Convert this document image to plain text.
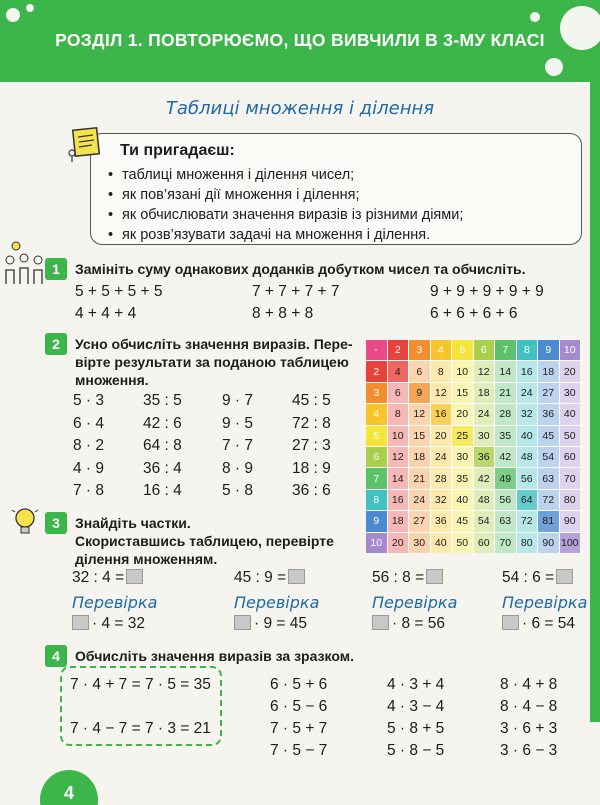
РОЗДІЛ 1. ПОВТОРЮЄМО, ЩО ВИВЧИЛИ В 3-МУ КЛАСІ
Таблиці множення і ділення
Ти пригадаєш:
• таблиці множення і ділення чисел;
• як пов’язані дії множення і ділення;
• як обчислювати значення виразів із різними діями;
• як розв’язувати задачі на множення і ділення.
1	Замініть суму однакових доданків добутком чисел та обчисліть.
5 + 5 + 5 + 5	7 + 7 + 7 + 7	9 + 9 + 9 + 9 + 9
4 + 4 + 4	8 + 8 + 8	6 + 6 + 6 + 6
2	Усно обчисліть значення виразів. Пере-
вірте результати за поданою таблицею
множення.
5 · 3	35 : 5	9 · 7	45 : 5
6 · 4	42 : 6	9 · 5	72 : 8
8 · 2	64 : 8	7 · 7	27 : 3
4 · 9	36 : 4	8 · 9	18 : 9
7 · 8	16 : 4	5 · 8	36 : 6
·	2	3	4	5	6	7	8	9	10
2	4	6	8	10 12 14 16 18 20
3	6	9	12 15 18 21 24 27 30
4	8	12 16 20 24 28 32 36 40
5	10 15 20 25 30 35 40 45 50
6	12 18 24 30 36 42 48 54 60
7	14 21 28 35 42 49 56 63 70
8	16 24 32 40 48 56 64 72 80
9	18 27 36 45 54 63 72 81 90
10 20 30 40 50 60 70 80 90 100
3	Знайдіть частки.
Скориставшись таблицею, перевірте
ділення множенням.
32 : 4 =
Перевірка
· 4 = 32
45 : 9 =
Перевірка
· 9 = 45
56 : 8 =
Перевірка
· 8 = 56
54 : 6 =
Перевірка
· 6 = 54
4	Обчисліть значення виразів за зразком.
7 · 4 + 7 = 7 · 5 = 35
7 · 4 − 7 = 7 · 3 = 21
6 · 5 + 6
6 · 5 − 6
7 · 5 + 7
7 · 5 − 7
4 · 3 + 4
4 · 3 − 4
5 · 8 + 5
5 · 8 − 5
8 · 4 + 8
8 · 4 − 8
3 · 6 + 3
3 · 6 − 3
4
